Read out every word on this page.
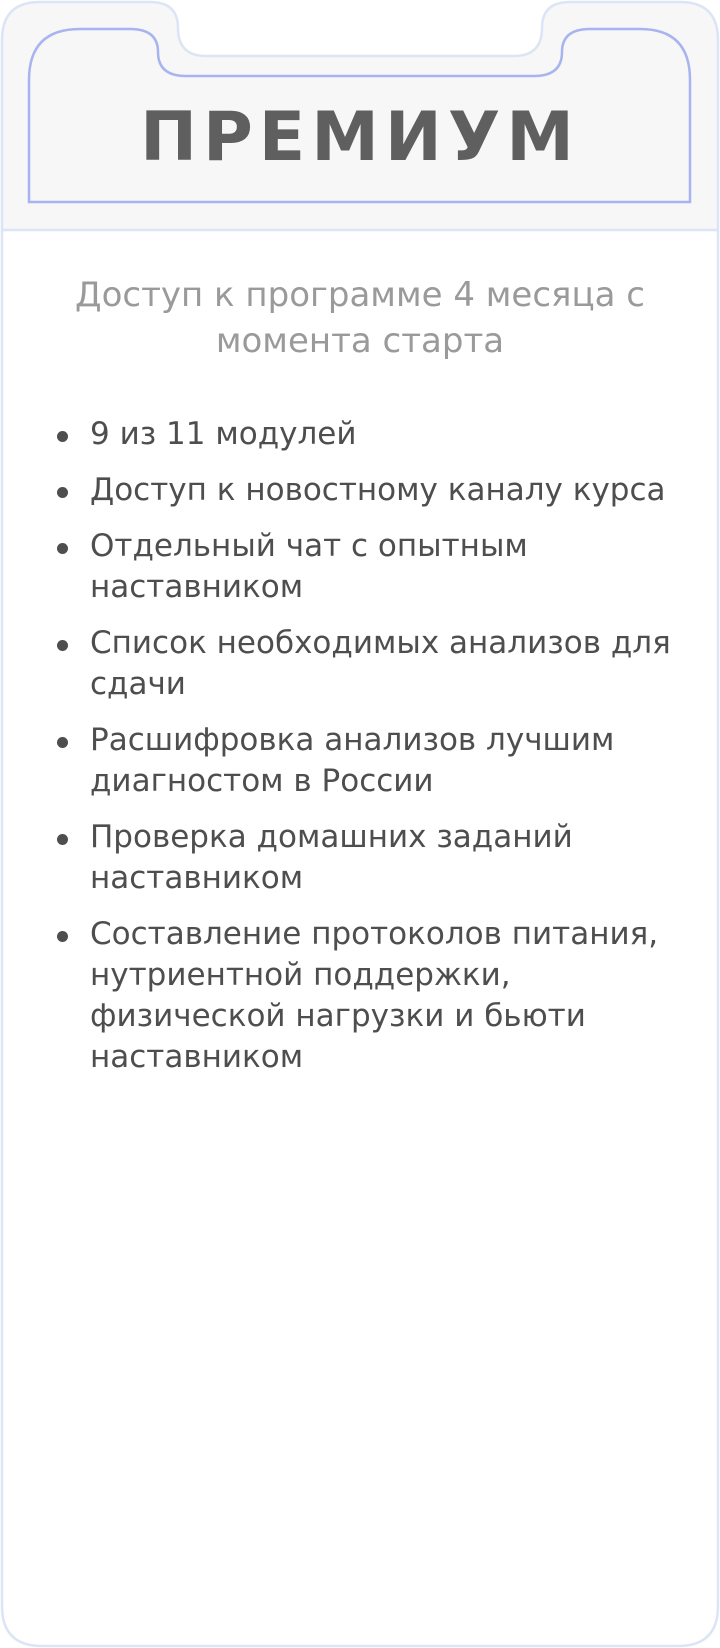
ПРЕМИУМ

Доступ к программе 4 месяца с момента старта

9 из 11 модулей
Доступ к новостному каналу курса
Отдельный чат с опытным наставником
Список необходимых анализов для сдачи
Расшифровка анализов лучшим диагностом в России
Проверка домашних заданий наставником
Составление протоколов питания, нутриентной поддержки, физической нагрузки и бьюти наставником
